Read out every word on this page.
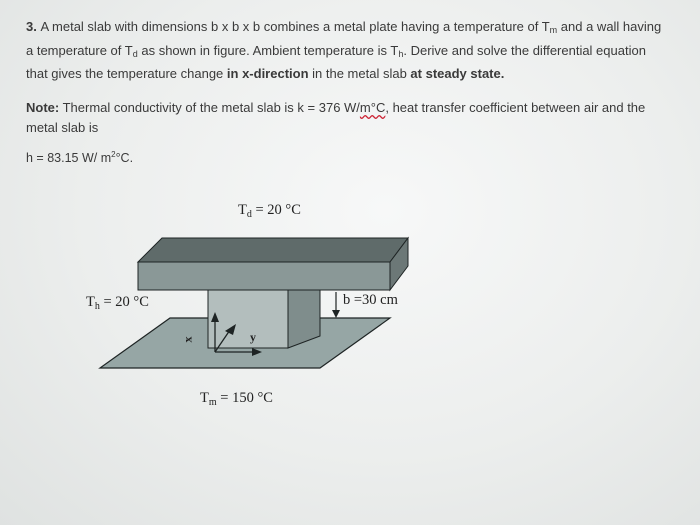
3. A metal slab with dimensions b x b x b combines a metal plate having a temperature of $T_m$ and a wall having a temperature of $T_d$ as shown in figure. Ambient temperature is $T_h$. Derive and solve the differential equation that gives the temperature change in x-direction in the metal slab at steady state.
Note: Thermal conductivity of the metal slab is k = 376 W/m°C, heat transfer coefficient between air and the metal slab is
h = 83.15 W/ $m^2^\circ C$.
$T_d = 20$ °C
$T_h = 20$ °C	b =30 cm
x	y
$T_m = 150$ °C
